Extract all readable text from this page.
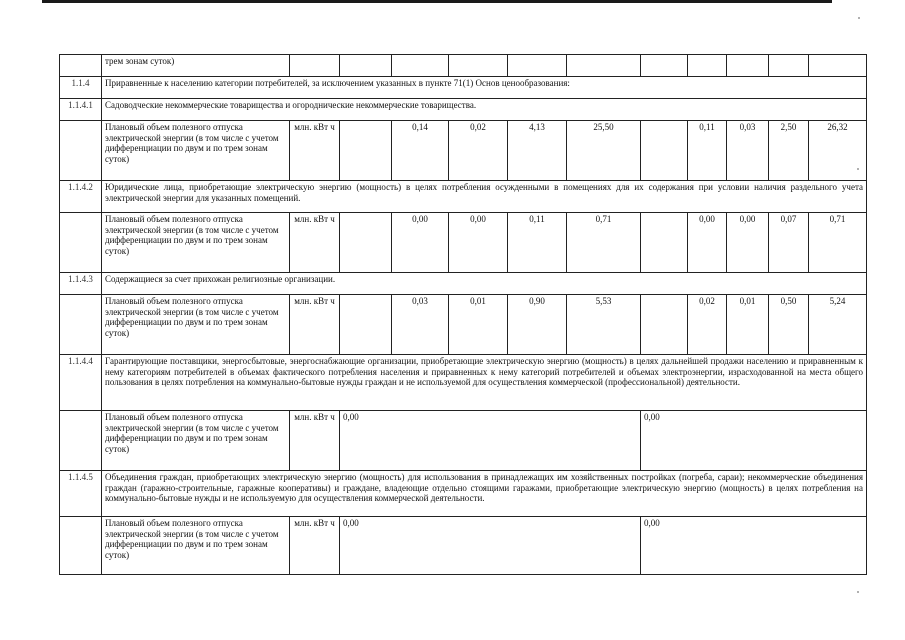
	трем зонам суток)											
1.1.4	Приравненные к населению категории потребителей, за исключением указанных в пункте 71(1) Основ ценообразования:											
1.1.4.1	Садоводческие некоммерческие товарищества и огороднические некоммерческие товарищества.											
	Плановый объем полезного отпуска электрической энергии (в том числе с учетом дифференциации по двум и по трем зонам суток)	млн. кВт ч		0,14	0,02	4,13	25,50		0,11	0,03	2,50	26,32
1.1.4.2	Юридические лица, приобретающие электрическую энергию (мощность) в целях потребления осужденными в помещениях для их содержания при условии наличия раздельного учета электрической энергии для указанных помещений.											
	Плановый объем полезного отпуска электрической энергии (в том числе с учетом дифференциации по двум и по трем зонам суток)	млн. кВт ч		0,00	0,00	0,11	0,71		0,00	0,00	0,07	0,71
1.1.4.3	Содержащиеся за счет прихожан религиозные организации.											
	Плановый объем полезного отпуска электрической энергии (в том числе с учетом дифференциации по двум и по трем зонам суток)	млн. кВт ч		0,03	0,01	0,90	5,53		0,02	0,01	0,50	5,24
1.1.4.4	Гарантирующие поставщики, энергосбытовые, энергоснабжающие организации, приобретающие электрическую энергию (мощность) в целях дальнейшей продажи населению и приравненным к нему категориям потребителей в объемах фактического потребления населения и приравненных к нему категорий потребителей и объемах электроэнергии, израсходованной на места общего пользования в целях потребления на коммунально-бытовые нужды граждан и не используемой для осуществления коммерческой (профессиональной) деятельности.											
	Плановый объем полезного отпуска электрической энергии (в том числе с учетом дифференциации по двум и по трем зонам суток)	млн. кВт ч	0,00					0,00				
1.1.4.5	Объединения граждан, приобретающих электрическую энергию (мощность) для использования в принадлежащих им хозяйственных постройках (погреба, сараи); некоммерческие объединения граждан (гаражно-строительные, гаражные кооперативы) и граждане, владеющие отдельно стоящими гаражами, приобретающие электрическую энергию (мощность) в целях потребления на коммунально-бытовые нужды и не используемую для осуществления коммерческой деятельности.											
	Плановый объем полезного отпуска электрической энергии (в том числе с учетом дифференциации по двум и по трем зонам суток)	млн. кВт ч	0,00					0,00				
